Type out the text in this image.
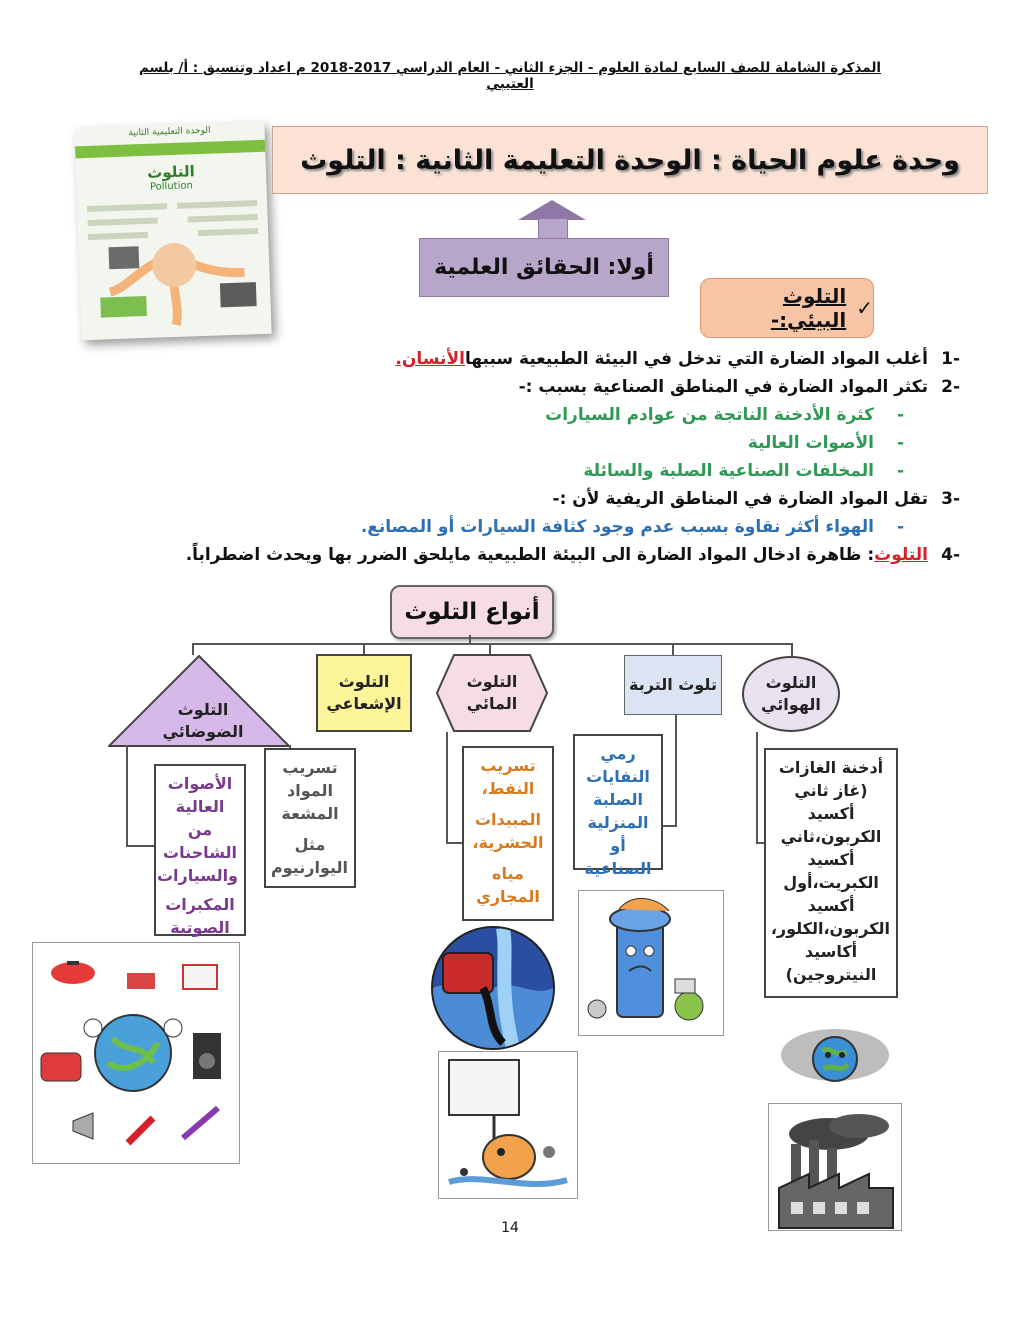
المذكرة الشاملة للصف السابع لمادة العلوم - الجزء الثاني - العام الدراسي 2017-2018 م اعداد وتنسيق : أ/ بلسم العتيبي
الوحدة التعليمية الثانية
التلوث
Pollution
وحدة علوم الحياة : الوحدة التعليمة الثانية : التلوث
أولا: الحقائق العلمية
✓
التلوث البيئي:-
-1
أغلب المواد الضارة التي تدخل في البيئة الطبيعية سببها
الأنسان.
-2
تكثر المواد الضارة في المناطق الصناعية بسبب :-
-
كثرة الأدخنة الناتجة من عوادم السيارات
-
الأصوات العالية
-
المخلفات الصناعية الصلبة والسائلة
-3
تقل المواد الضارة في المناطق الريفية لأن :-
-
الهواء أكثر نقاوة بسبب عدم وجود كثافة السيارات أو المصانع.
-4
التلوث
: ظاهرة ادخال المواد الضارة الى البيئة الطبيعية مايلحق الضرر بها ويحدث اضطراباً.
أنواع التلوث
التلوث الهوائي
تلوث التربة
التلوث المائي
التلوث الإشعاعي
التلوث الضوضائي
أدخنة الغازات (غاز ثاني أكسيد الكربون،ثاني أكسيد الكبريت،أول أكسيد الكربون،الكلور، أكاسيد النيتروجين)
رمي النفايات الصلبة المنزلية أو الصناعية
تسريب النفط،
المبيدات الحشرية،
مياه المجاري
تسريب المواد المشعة
مثل اليوارنيوم
الأصوات العالية من الشاحنات والسيارات
المكبرات الصوتية
14
